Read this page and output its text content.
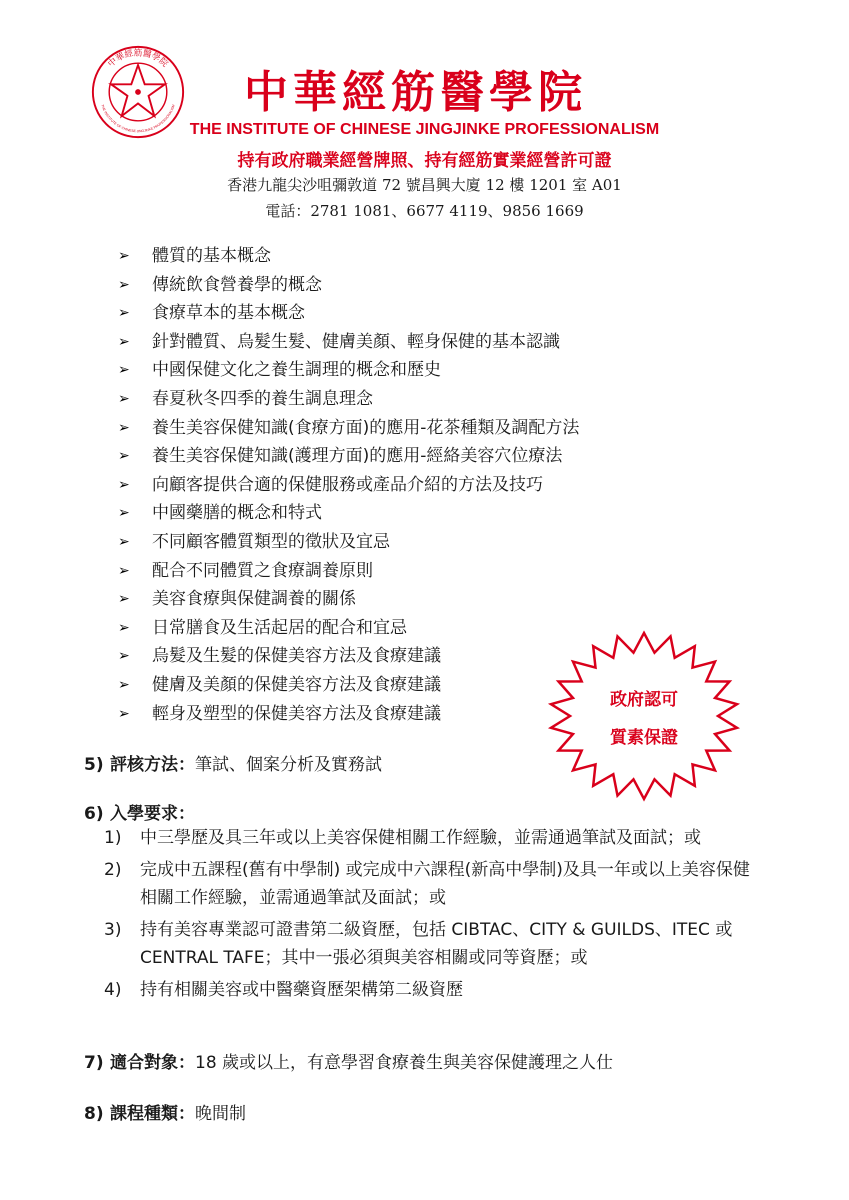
中華經筋醫學院
THE INSTITUTE OF CHINESE JINGJINKE PROFESSIONALISM 中華經筋醫學院
THE INSTITUTE OF CHINESE JINGJINKE PROFESSIONALISM
持有政府職業經營牌照、持有經筋實業經營許可證
香港九龍尖沙咀彌敦道 72 號昌興大廈 12 樓 1201 室 A01
電話：2781 1081、6677 4119、9856 1669
➢	體質的基本概念
➢	傳統飲食營養學的概念
➢	食療草本的基本概念
➢	針對體質、烏髮生髮、健膚美顏、輕身保健的基本認識
➢	中國保健文化之養生調理的概念和歷史
➢	春夏秋冬四季的養生調息理念
➢	養生美容保健知識(食療方面)的應用-花茶種類及調配方法
➢	養生美容保健知識(護理方面)的應用-經絡美容穴位療法
➢	向顧客提供合適的保健服務或產品介紹的方法及技巧
➢	中國藥膳的概念和特式
➢	不同顧客體質類型的徵狀及宜忌
➢	配合不同體質之食療調養原則
➢	美容食療與保健調養的關係
➢	日常膳食及生活起居的配合和宜忌
➢	烏髮及生髮的保健美容方法及食療建議
➢	健膚及美顏的保健美容方法及食療建議
➢	輕身及塑型的保健美容方法及食療建議
政府認可
質素保證
5) 評核方法：筆試、個案分析及實務試
6) 入學要求：
1)	中三學歷及具三年或以上美容保健相關工作經驗，並需通過筆試及面試；或
2)	完成中五課程(舊有中學制) 或完成中六課程(新高中學制)及具一年或以上美容保健相關工作經驗，並需通過筆試及面試；或
3)	持有美容專業認可證書第二級資歷，包括 CIBTAC、CITY & GUILDS、ITEC 或 CENTRAL TAFE；其中一張必須與美容相關或同等資歷；或
4)	持有相關美容或中醫藥資歷架構第二級資歷
7) 適合對象：18 歲或以上，有意學習食療養生與美容保健護理之人仕
8) 課程種類：晚間制
